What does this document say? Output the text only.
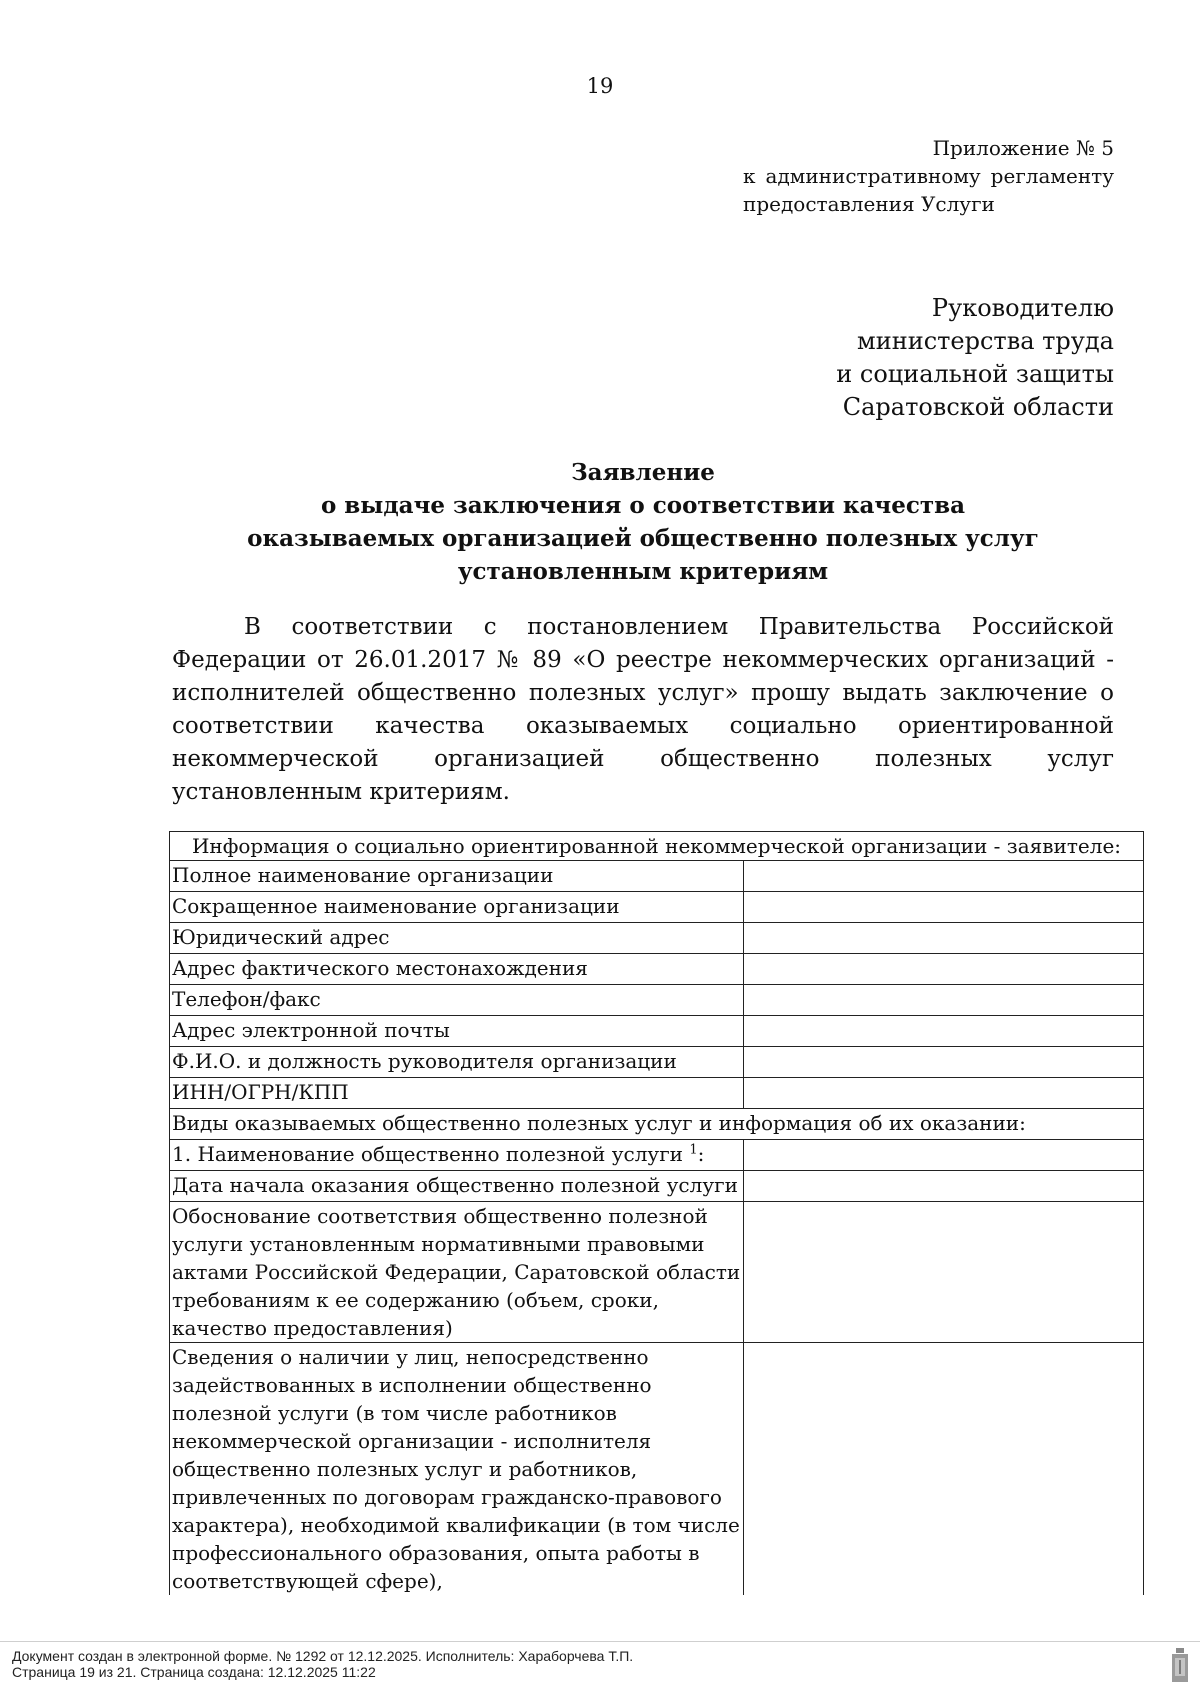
19
Приложение № 5
к административному регламенту
предоставления Услуги
Руководителю
министерства труда
и социальной защиты
Саратовской области
Заявление
о выдаче заключения о соответствии качества
оказываемых организацией общественно полезных услуг
установленным критериям

В соответствии с постановлением Правительства Российской Федерации от 26.01.2017 № 89 «О реестре некоммерческих организаций - исполнителей общественно полезных услуг» прошу выдать заключение о соответствии качества оказываемых социально ориентированной некоммерческой организацией общественно полезных услуг установленным критериям.

Информация о социально ориентированной некоммерческой организации - заявителе:	
Полное наименование организации	
Сокращенное наименование организации	
Юридический адрес	
Адрес фактического местонахождения	
Телефон/факс	
Адрес электронной почты	
Ф.И.О. и должность руководителя организации	
ИНН/ОГРН/КПП	
Виды оказываемых общественно полезных услуг и информация об их оказании:	
1. Наименование общественно полезной услуги $^1$:	
Дата начала оказания общественно полезной услуги	
Обоснование соответствия общественно полезной услуги установленным нормативными правовыми актами Российской Федерации, Саратовской области требованиям к ее содержанию (объем, сроки, качество предоставления)	
Сведения о наличии у лиц, непосредственно задействованных в исполнении общественно полезной услуги (в том числе работников некоммерческой организации - исполнителя общественно полезных услуг и работников, привлеченных по договорам гражданско-правового характера), необходимой квалификации (в том числе профессионального образования, опыта работы в соответствующей сфере),	
Документ создан в электронной форме. № 1292 от 12.12.2025. Исполнитель: Хараборчева Т.П.
Страница 19 из 21. Страница создана: 12.12.2025 11:22
